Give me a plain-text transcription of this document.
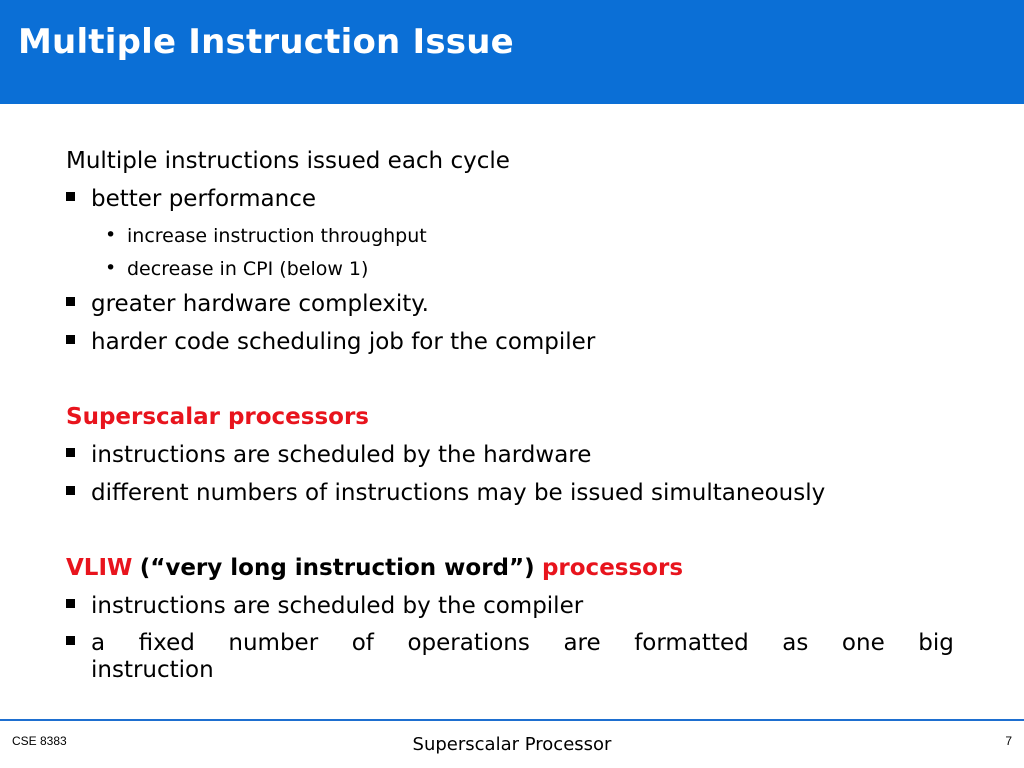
Multiple Instruction Issue
Multiple instructions issued each cycle
better performance
• increase instruction throughput
• decrease in CPI (below 1)
greater hardware complexity.
harder code scheduling job for the compiler
Superscalar processors
instructions are scheduled by the hardware
different numbers of instructions may be issued simultaneously
VLIW (“very long instruction word”) processors
instructions are scheduled by the compiler
a fixed number of operations are formatted as one big
instruction
CSE 8383	Superscalar Processor	7
